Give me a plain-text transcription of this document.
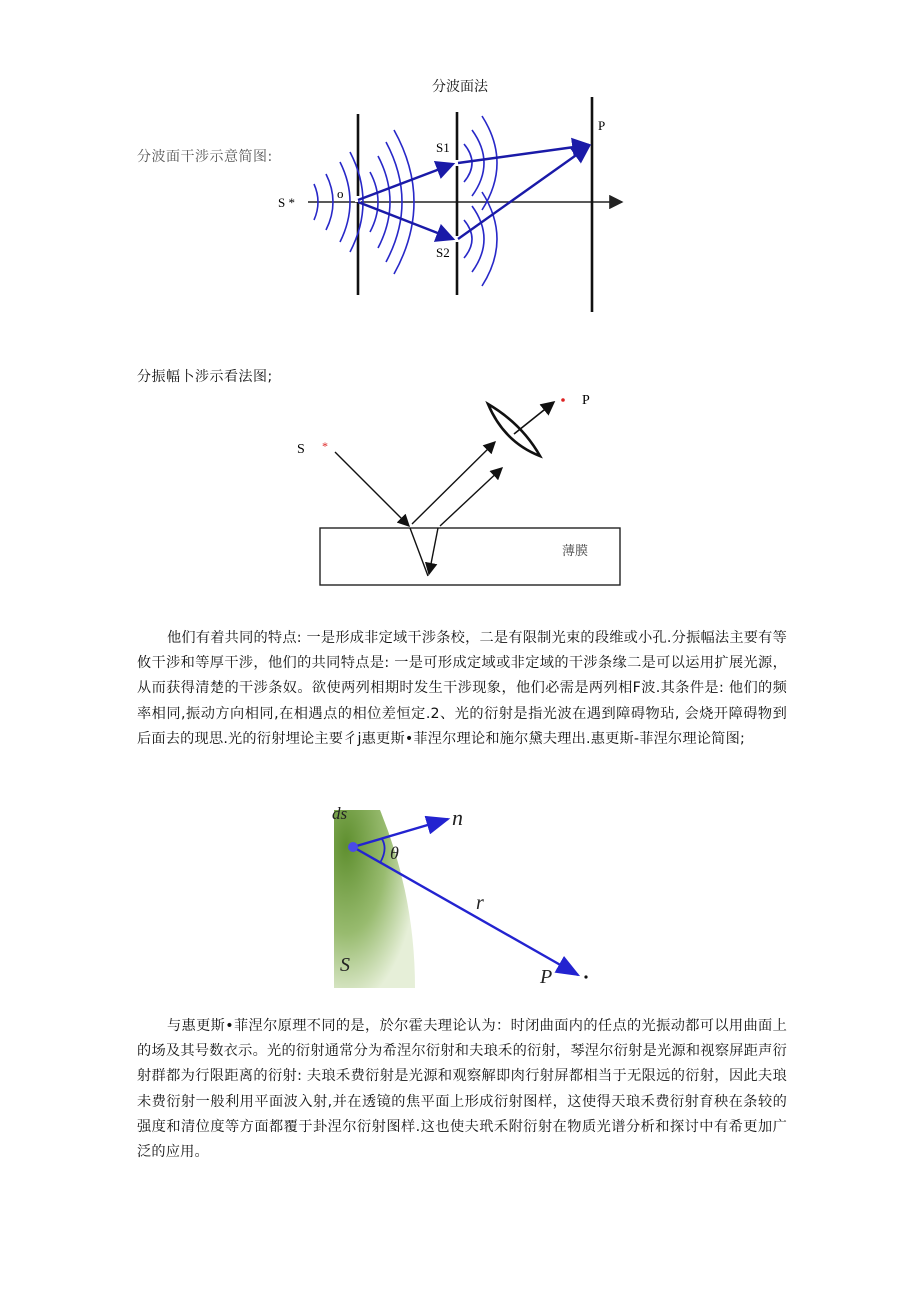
分波面法
分波面干涉示意简图:
S *
o
S1
S2
P
分振幅卜涉示看法图;
薄膜
S *
P
他们有着共同的特点: 一是形成非定域干涉条校，二是有限制光束的段维或小孔.分振幅法主要有等攸干涉和等厚干涉，他们的共同特点是: 一是可形成定域或非定域的干涉条缘二是可以运用扩展光源，从而获得清楚的干涉条奴。欲使两列相期时发生干涉现象，他们必需是两列相F波.其条件是: 他们的频率相同,振动方向相同,在相遇点的相位差恒定.2、光的衍射是指光波在遇到障碍物玷, 会烧开障碍物到后面去的现思.光的衍射埋论主要彳j惠更斯•菲涅尔理论和施尔黛夫理出.惠更斯-菲涅尔理论简图;
ds	n
θ
r
S
P
与惠更斯•菲涅尔原理不同的是，於尔霍夫理论认为：时闭曲面内的任点的光振动都可以用曲面上的场及其号数衣示。光的衍射通常分为希涅尔衍射和夫琅禾的衍射，琴涅尔衍射是光源和视察屏距声衍射群都为行限距离的衍射: 夫琅禾费衍射是光源和观察解即肉行射屏都相当于无限远的衍射，因此夫琅未费衍射一般利用平面波入射,并在透镜的焦平面上形成衍射图样，这使得天琅禾费衍射育秧在条较的强度和清位度等方面都覆于卦涅尔衍射图样.这也使夫玳禾附衍射在物质光谱分析和探讨中有希更加广泛的应用。
